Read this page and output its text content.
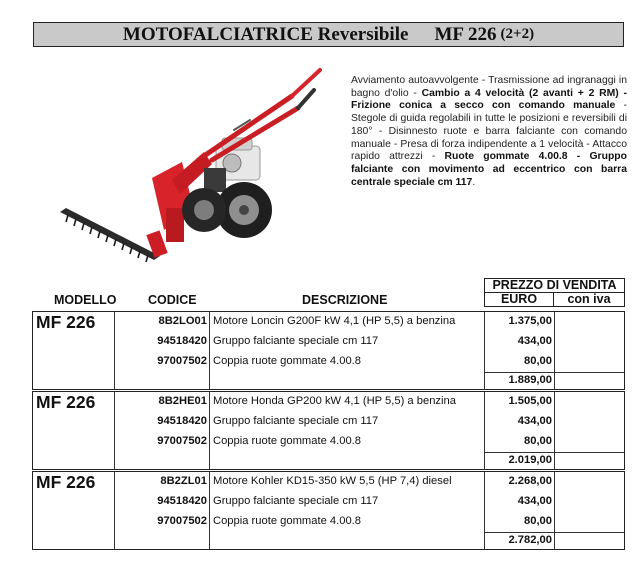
MOTOFALCIATRICE Reversibile MF 226 (2+2)
Avviamento autoavvolgente - Trasmissione ad ingranaggi in bagno d'olio - Cambio a 4 velocità (2 avanti + 2 RM) - Frizione conica a secco con comando manuale - Stegole di guida regolabili in tutte le posizioni e reversibili di 180° - Disinnesto ruote e barra falciante con comando manuale - Presa di forza indipendente a 1 velocità - Attacco rapido attrezzi - Ruote gommate 4.00.8 - Gruppo falciante con movimento ad eccentrico con barra centrale speciale cm 117.
PREZZO DI VENDITA
MODELLO	CODICE	DESCRIZIONE	EURO	con iva
MF 226	8B2LO01 Motore Loncin G200F kW 4,1 (HP 5,5) a benzina	1.375,00
94518420 Gruppo falciante speciale cm 117	434,00
97007502 Coppia ruote gommate 4.00.8	80,00
1.889,00
MF 226	8B2HE01 Motore Honda GP200 kW 4,1 (HP 5,5) a benzina	1.505,00
94518420 Gruppo falciante speciale cm 117	434,00
97007502 Coppia ruote gommate 4.00.8	80,00
2.019,00
MF 226	8B2ZL01 Motore Kohler KD15-350 kW 5,5 (HP 7,4) diesel	2.268,00
94518420 Gruppo falciante speciale cm 117	434,00
97007502 Coppia ruote gommate 4.00.8	80,00
2.782,00
